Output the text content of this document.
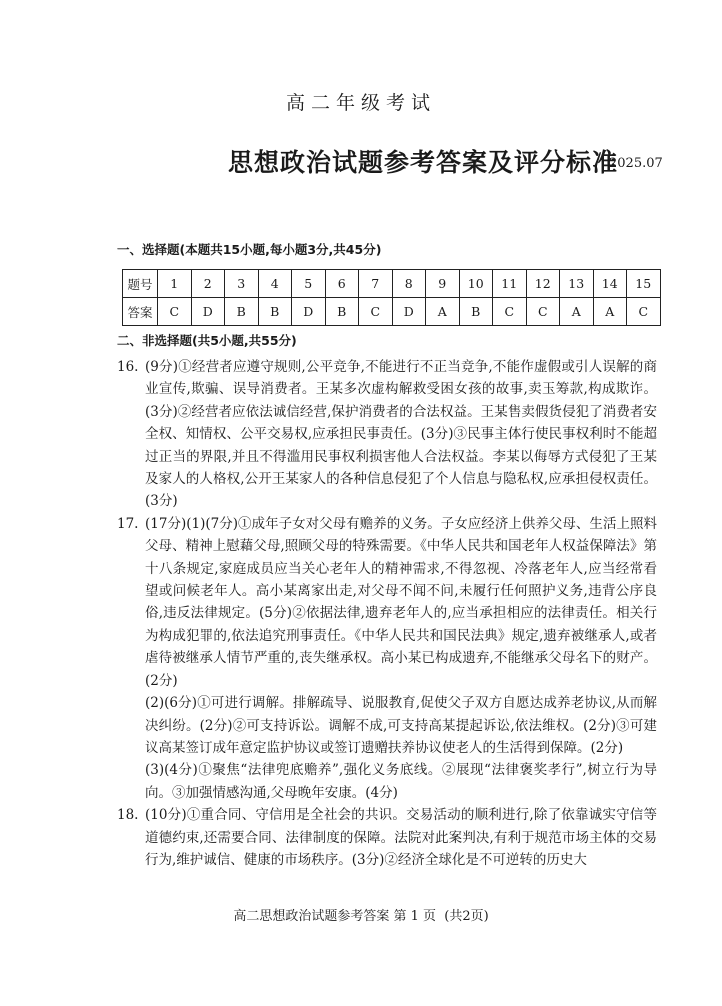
高二年级考试
思想政治试题参考答案及评分标准
2025.07
一、选择题(本题共15小题,每小题3分,共45分)
题号	1	2	3	4	5	6	7	8	9	10	11	12	13	14	15
答案	C	D	B	B	D	B	C	D	A	B	C	C	A	A	C
二、非选择题(共5小题,共55分)
16. (9分)①经营者应遵守规则,公平竞争,不能进行不正当竞争,不能作虚假或引人误解的商业宣传,欺骗、误导消费者。王某多次虚构解救受困女孩的故事,卖玉筹款,构成欺诈。(3分)②经营者应依法诚信经营,保护消费者的合法权益。王某售卖假货侵犯了消费者安全权、知情权、公平交易权,应承担民事责任。(3分)③民事主体行使民事权利时不能超过正当的界限,并且不得滥用民事权利损害他人合法权益。李某以侮辱方式侵犯了王某及家人的人格权,公开王某家人的各种信息侵犯了个人信息与隐私权,应承担侵权责任。(3分)
17. (17分)(1)(7分)①成年子女对父母有赡养的义务。子女应经济上供养父母、生活上照料父母、精神上慰藉父母,照顾父母的特殊需要。《中华人民共和国老年人权益保障法》第十八条规定,家庭成员应当关心老年人的精神需求,不得忽视、冷落老年人,应当经常看望或问候老年人。高小某离家出走,对父母不闻不问,未履行任何照护义务,违背公序良俗,违反法律规定。(5分)②依据法律,遗弃老年人的,应当承担相应的法律责任。相关行为构成犯罪的,依法追究刑事责任。《中华人民共和国民法典》规定,遗弃被继承人,或者虐待被继承人情节严重的,丧失继承权。高小某已构成遗弃,不能继承父母名下的财产。(2分)
(2)(6分)①可进行调解。排解疏导、说服教育,促使父子双方自愿达成养老协议,从而解决纠纷。(2分)②可支持诉讼。调解不成,可支持高某提起诉讼,依法维权。(2分)③可建议高某签订成年意定监护协议或签订遗赠扶养协议使老人的生活得到保障。(2分)
(3)(4分)①聚焦“法律兜底赡养”,强化义务底线。②展现“法律褒奖孝行”,树立行为导向。③加强情感沟通,父母晚年安康。(4分)
18. (10分)①重合同、守信用是全社会的共识。交易活动的顺利进行,除了依靠诚实守信等道德约束,还需要合同、法律制度的保障。法院对此案判决,有利于规范市场主体的交易行为,维护诚信、健康的市场秩序。(3分)②经济全球化是不可逆转的历史大
高二思想政治试题参考答案 第 1 页  (共2页)
